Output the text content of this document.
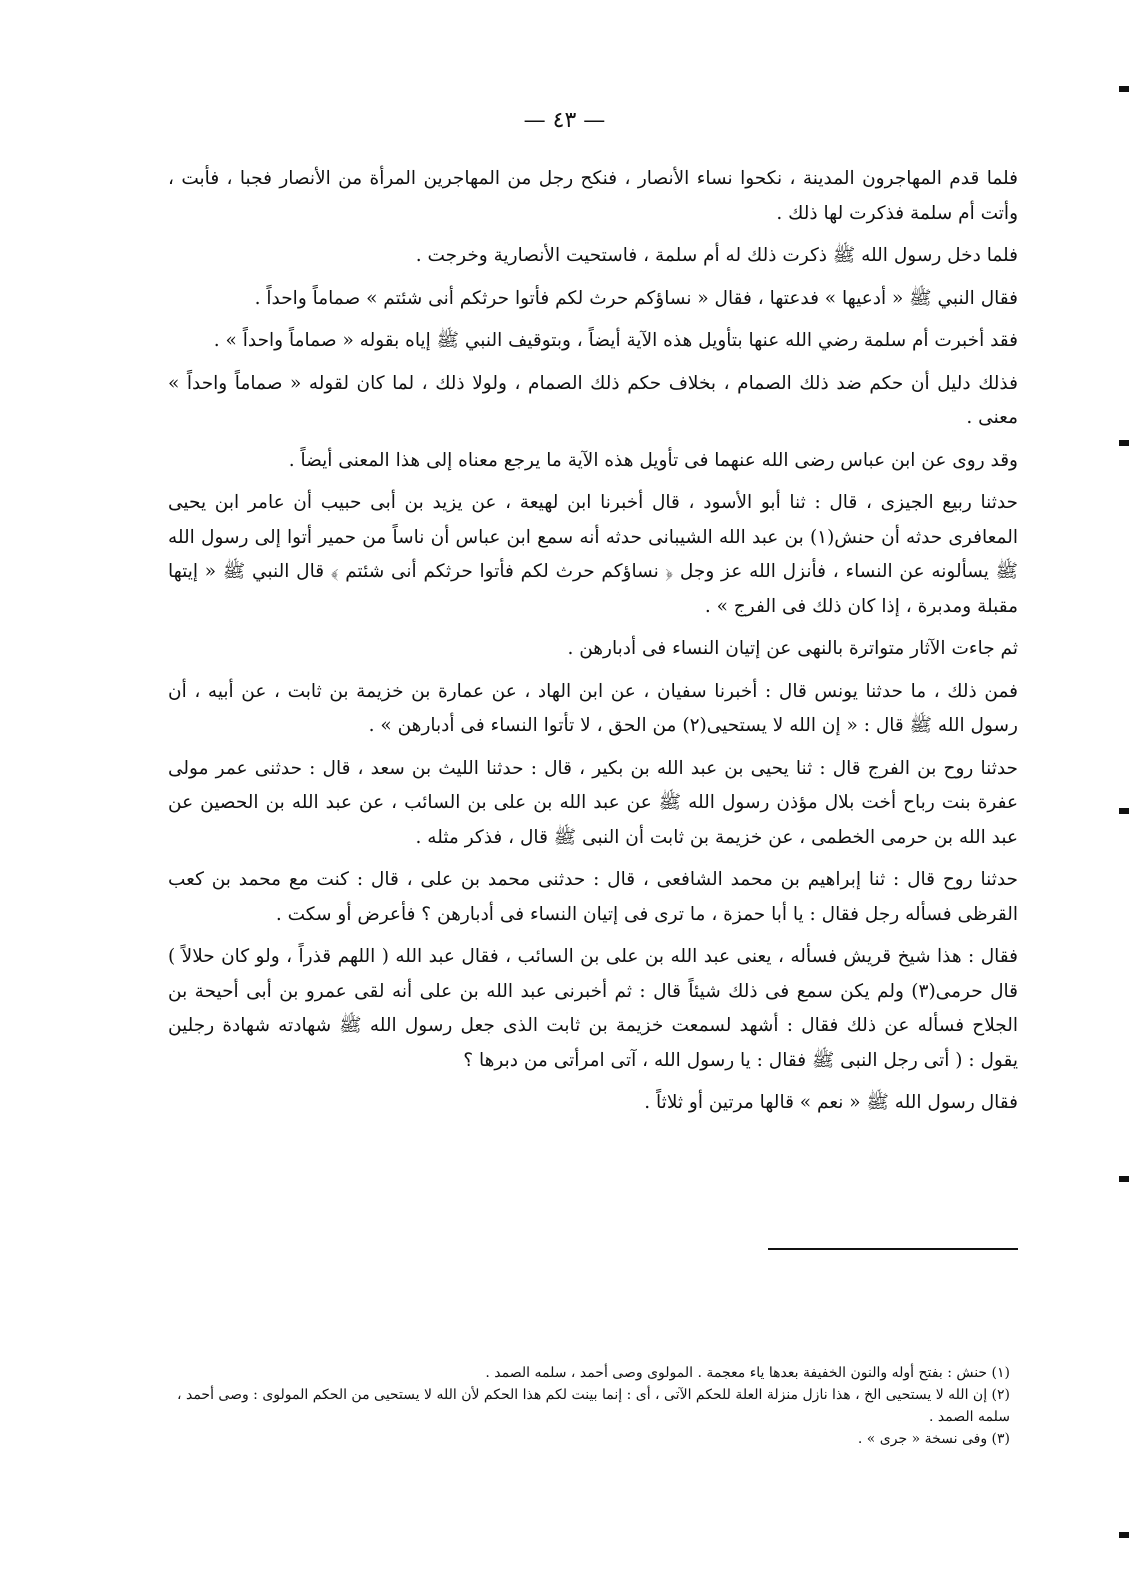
— ٤٣ —

فلما قدم المهاجرون المدينة ، نكحوا نساء الأنصار ، فنكح رجل من المهاجرين المرأة من الأنصار فجبا ، فأبت ، وأتت أم سلمة فذكرت لها ذلك .

فلما دخل رسول الله ﷺ ذكرت ذلك له أم سلمة ، فاستحيت الأنصارية وخرجت .

فقال النبي ﷺ « أدعيها » فدعتها ، فقال « نساؤكم حرث لكم فأتوا حرثكم أنى شئتم » صماماً واحداً .

فقد أخبرت أم سلمة رضي الله عنها بتأويل هذه الآية أيضاً ، وبتوقيف النبي ﷺ إياه بقوله « صماماً واحداً » .

فذلك دليل أن حكم ضد ذلك الصمام ، بخلاف حكم ذلك الصمام ، ولولا ذلك ، لما كان لقوله « صماماً واحداً » معنى .

وقد روى عن ابن عباس رضى الله عنهما فى تأويل هذه الآية ما يرجع معناه إلى هذا المعنى أيضاً .

حدثنا ربيع الجيزى ، قال : ثنا أبو الأسود ، قال أخبرنا ابن لهيعة ، عن يزيد بن أبى حبيب أن عامر ابن يحيى المعافرى حدثه أن حنش(١) بن عبد الله الشيبانى حدثه أنه سمع ابن عباس أن ناساً من حمير أتوا إلى رسول الله ﷺ يسألونه عن النساء ، فأنزل الله عز وجل ﴿ نساؤكم حرث لكم فأتوا حرثكم أنى شئتم ﴾ قال النبي ﷺ « إيتها مقبلة ومدبرة ، إذا كان ذلك فى الفرج » .

ثم جاءت الآثار متواترة بالنهى عن إتيان النساء فى أدبارهن .

فمن ذلك ، ما حدثنا يونس قال : أخبرنا سفيان ، عن ابن الهاد ، عن عمارة بن خزيمة بن ثابت ، عن أبيه ، أن رسول الله ﷺ قال : « إن الله لا يستحيى(٢) من الحق ، لا تأتوا النساء فى أدبارهن » .

حدثنا روح بن الفرج قال : ثنا يحيى بن عبد الله بن بكير ، قال : حدثنا الليث بن سعد ، قال : حدثنى عمر مولى عفرة بنت رباح أخت بلال مؤذن رسول الله ﷺ عن عبد الله بن على بن السائب ، عن عبد الله بن الحصين عن عبد الله بن حرمى الخطمى ، عن خزيمة بن ثابت أن النبى ﷺ قال ، فذكر مثله .

حدثنا روح قال : ثنا إبراهيم بن محمد الشافعى ، قال : حدثنى محمد بن على ، قال : كنت مع محمد بن كعب القرظى فسأله رجل فقال : يا أبا حمزة ، ما ترى فى إتيان النساء فى أدبارهن ؟ فأعرض أو سكت .

فقال : هذا شيخ قريش فسأله ، يعنى عبد الله بن على بن السائب ، فقال عبد الله ( اللهم قذراً ، ولو كان حلالاً ) قال حرمى(٣) ولم يكن سمع فى ذلك شيئاً قال : ثم أخبرنى عبد الله بن على أنه لقى عمرو بن أبى أحيحة بن الجلاح فسأله عن ذلك فقال : أشهد لسمعت خزيمة بن ثابت الذى جعل رسول الله ﷺ شهادته شهادة رجلين يقول : ( أتى رجل النبى ﷺ فقال : يا رسول الله ، آتى امرأتى من دبرها ؟

فقال رسول الله ﷺ « نعم » قالها مرتين أو ثلاثاً .

(١) حنش : بفتح أوله والنون الخفيفة بعدها ياء معجمة . المولوى وصى أحمد ، سلمه الصمد .

(٢) إن الله لا يستحيى الخ ، هذا نازل منزلة العلة للحكم الآتى ، أى : إنما بينت لكم هذا الحكم لأن الله لا يستحيى من الحكم المولوى : وصى أحمد ، سلمه الصمد .

(٣) وفى نسخة « جرى » .
